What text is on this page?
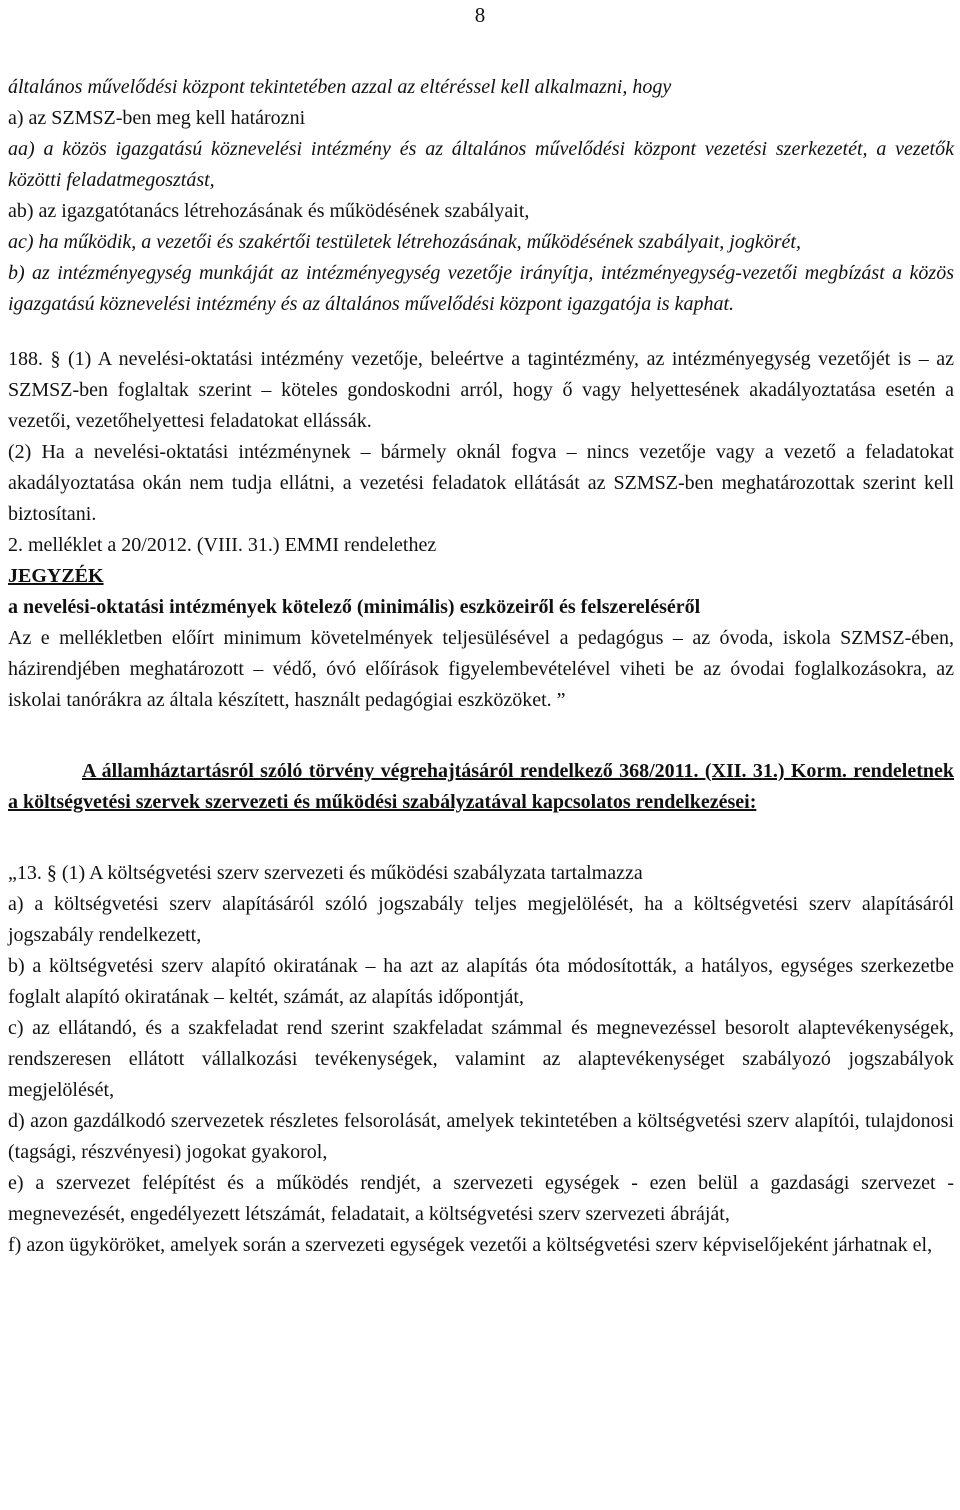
8

általános művelődési központ tekintetében azzal az eltéréssel kell alkalmazni, hogy

a) az SZMSZ-ben meg kell határozni

aa) a közös igazgatású köznevelési intézmény és az általános művelődési központ vezetési szerkezetét, a vezetők közötti feladatmegosztást,

ab) az igazgatótanács létrehozásának és működésének szabályait,

ac) ha működik, a vezetői és szakértői testületek létrehozásának, működésének szabályait, jogkörét,

b) az intézményegység munkáját az intézményegység vezetője irányítja, intézményegység-vezetői megbízást a közös igazgatású köznevelési intézmény és az általános művelődési központ igazgatója is kaphat.

188. § (1) A nevelési-oktatási intézmény vezetője, beleértve a tagintézmény, az intézményegység vezetőjét is – az SZMSZ-ben foglaltak szerint – köteles gondoskodni arról, hogy ő vagy helyettesének akadályoztatása esetén a vezetői, vezetőhelyettesi feladatokat ellássák.

(2) Ha a nevelési-oktatási intézménynek – bármely oknál fogva – nincs vezetője vagy a vezető a feladatokat akadályoztatása okán nem tudja ellátni, a vezetési feladatok ellátását az SZMSZ-ben meghatározottak szerint kell biztosítani.

2. melléklet a 20/2012. (VIII. 31.) EMMI rendelethez

JEGYZÉK

a nevelési-oktatási intézmények kötelező (minimális) eszközeiről és felszereléséről

Az e mellékletben előírt minimum követelmények teljesülésével a pedagógus – az óvoda, iskola SZMSZ-ében, házirendjében meghatározott – védő, óvó előírások figyelembevételével viheti be az óvodai foglalkozásokra, az iskolai tanórákra az általa készített, használt pedagógiai eszközöket. ”

A államháztartásról szóló törvény végrehajtásáról rendelkező 368/2011. (XII. 31.) Korm. rendeletnek a költségvetési szervek szervezeti és működési szabályzatával kapcsolatos rendelkezései:

„13. § (1) A költségvetési szerv szervezeti és működési szabályzata tartalmazza

a) a költségvetési szerv alapításáról szóló jogszabály teljes megjelölését, ha a költségvetési szerv alapításáról jogszabály rendelkezett,

b) a költségvetési szerv alapító okiratának – ha azt az alapítás óta módosították, a hatályos, egységes szerkezetbe foglalt alapító okiratának – keltét, számát, az alapítás időpontját,

c) az ellátandó, és a szakfeladat rend szerint szakfeladat számmal és megnevezéssel besorolt alaptevékenységek, rendszeresen ellátott vállalkozási tevékenységek, valamint az alaptevékenységet szabályozó jogszabályok megjelölését,

d) azon gazdálkodó szervezetek részletes felsorolását, amelyek tekintetében a költségvetési szerv alapítói, tulajdonosi (tagsági, részvényesi) jogokat gyakorol,

e) a szervezet felépítést és a működés rendjét, a szervezeti egységek - ezen belül a gazdasági szervezet - megnevezését, engedélyezett létszámát, feladatait, a költségvetési szerv szervezeti ábráját,

f) azon ügyköröket, amelyek során a szervezeti egységek vezetői a költségvetési szerv képviselőjeként járhatnak el,
